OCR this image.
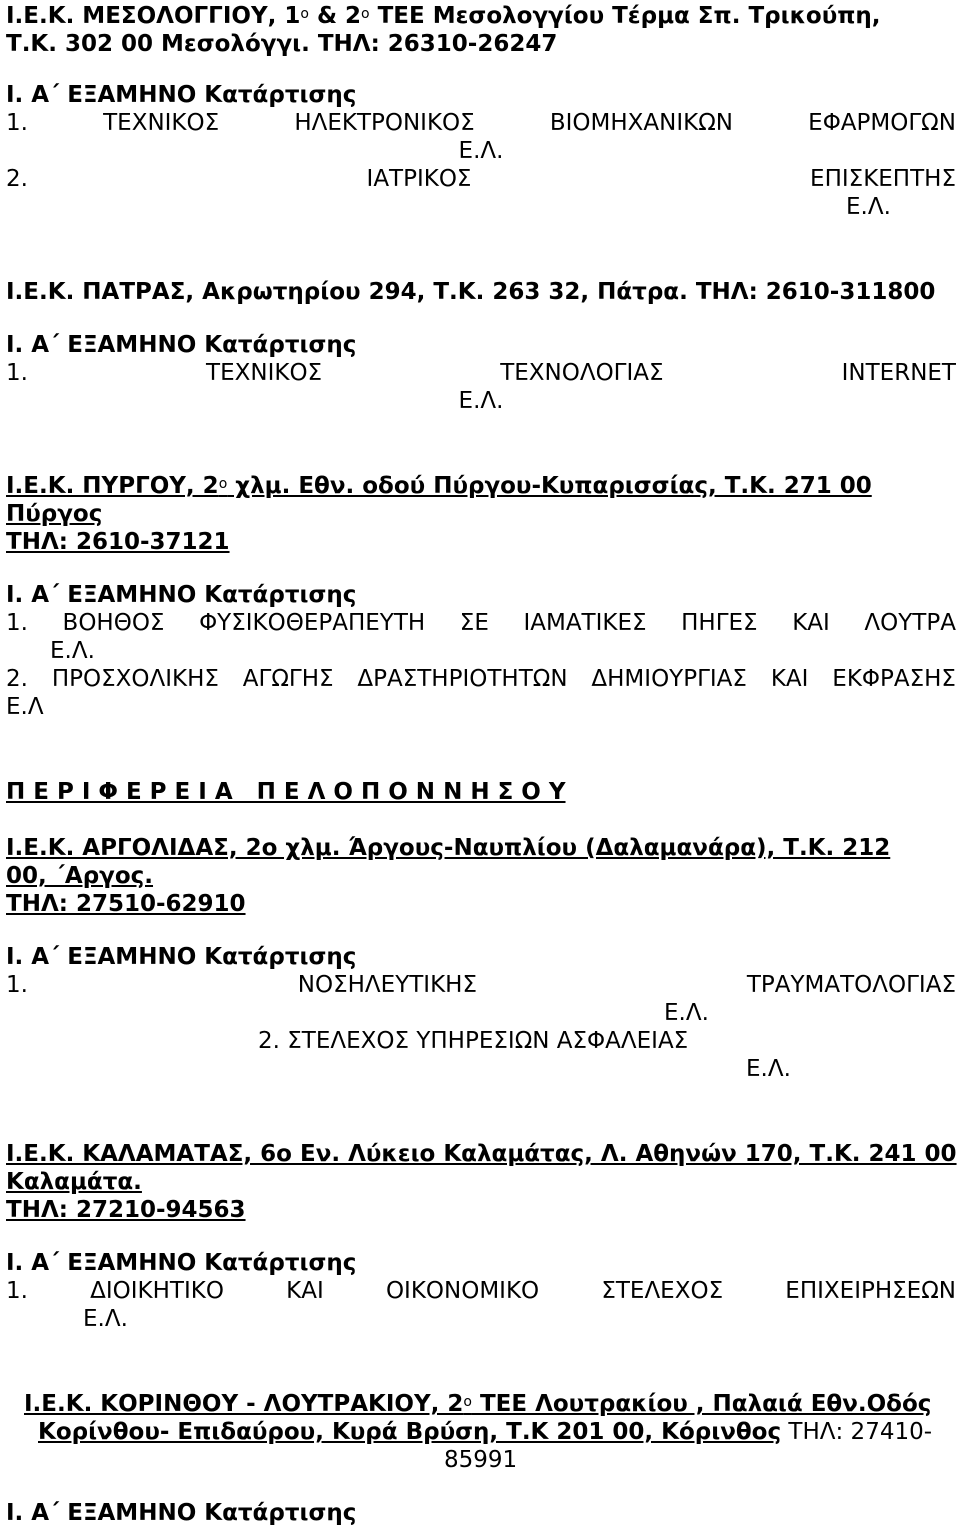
Ι.Ε.Κ. ΜΕΣΟΛΟΓΓΙΟΥ, $1^o$ & $2^o$ ΤΕΕ Μεσολογγίου Τέρμα Σπ. Τρικούπη,
Τ.Κ. 302 00 Μεσολόγγι. ΤΗΛ: 26310-26247
Ι. Α΄ ΕΞΑΜΗΝΟ Κατάρτισης
1.	ΤΕΧΝΙΚΟΣ	ΗΛΕΚΤΡΟΝΙΚΟΣ	ΒΙΟΜΗΧΑΝΙΚΩΝ	ΕΦΑΡΜΟΓΩΝ
Ε.Λ.
2.	ΙΑΤΡΙΚΟΣ	ΕΠΙΣΚΕΠΤΗΣ
Ε.Λ.
Ι.Ε.Κ. ΠΑΤΡΑΣ, Ακρωτηρίου 294, Τ.Κ. 263 32, Πάτρα. ΤΗΛ: 2610-311800
Ι. Α΄ ΕΞΑΜΗΝΟ Κατάρτισης
1.	ΤΕΧΝΙΚΟΣ	ΤΕΧΝΟΛΟΓΙΑΣ	INTERNET
Ε.Λ.
Ι.Ε.Κ. ΠΥΡΓΟΥ, $2^o$ χλμ. Εθν. οδού Πύργου-Κυπαρισσίας, Τ.Κ. 271 00
Πύργος
ΤΗΛ: 2610-37121
Ι. Α΄ ΕΞΑΜΗΝΟ Κατάρτισης
1. ΒΟΗΘΟΣ ΦΥΣΙΚΟΘΕΡΑΠΕΥΤΗ ΣΕ ΙΑΜΑΤΙΚΕΣ ΠΗΓΕΣ ΚΑΙ ΛΟΥΤΡΑ
Ε.Λ.
2. ΠΡΟΣΧΟΛΙΚΗΣ ΑΓΩΓΗΣ ΔΡΑΣΤΗΡΙΟΤΗΤΩΝ ΔΗΜΙΟΥΡΓΙΑΣ ΚΑΙ ΕΚΦΡΑΣΗΣ
Ε.Λ
Π Ε Ρ Ι Φ Ε Ρ Ε Ι Α   Π Ε Λ Ο Π Ο Ν Ν Η Σ Ο Υ
Ι.Ε.Κ. ΑΡΓΟΛΙΔΑΣ, 2ο χλμ. Άργους-Ναυπλίου (Δαλαμανάρα), Τ.Κ. 212
00, ΄Αργος.
ΤΗΛ: 27510-62910
Ι. Α΄ ΕΞΑΜΗΝΟ Κατάρτισης
1.	ΝΟΣΗΛΕΥΤΙΚΗΣ	ΤΡΑΥΜΑΤΟΛΟΓΙΑΣ
Ε.Λ.
2. ΣΤΕΛΕΧΟΣ ΥΠΗΡΕΣΙΩΝ ΑΣΦΑΛΕΙΑΣ
Ε.Λ.
Ι.Ε.Κ. ΚΑΛΑΜΑΤΑΣ, 6ο Εν. Λύκειο Καλαμάτας, Λ. Αθηνών 170, Τ.Κ. 241 00
Καλαμάτα.
ΤΗΛ: 27210-94563
Ι. Α΄ ΕΞΑΜΗΝΟ Κατάρτισης
1.	ΔΙΟΙΚΗΤΙΚΟ	ΚΑΙ	ΟΙΚΟΝΟΜΙΚΟ	ΣΤΕΛΕΧΟΣ	ΕΠΙΧΕΙΡΗΣΕΩΝ
Ε.Λ.
Ι.Ε.Κ. ΚΟΡΙΝΘΟΥ - ΛΟΥΤΡΑΚΙΟΥ, $2^o$ ΤΕΕ Λουτρακίου , Παλαιά Εθν.Οδός
Κορίνθου- Επιδαύρου, Κυρά Βρύση, Τ.Κ 201 00, Κόρινθος ΤΗΛ: 27410-
85991
Ι. Α΄ ΕΞΑΜΗΝΟ Κατάρτισης
